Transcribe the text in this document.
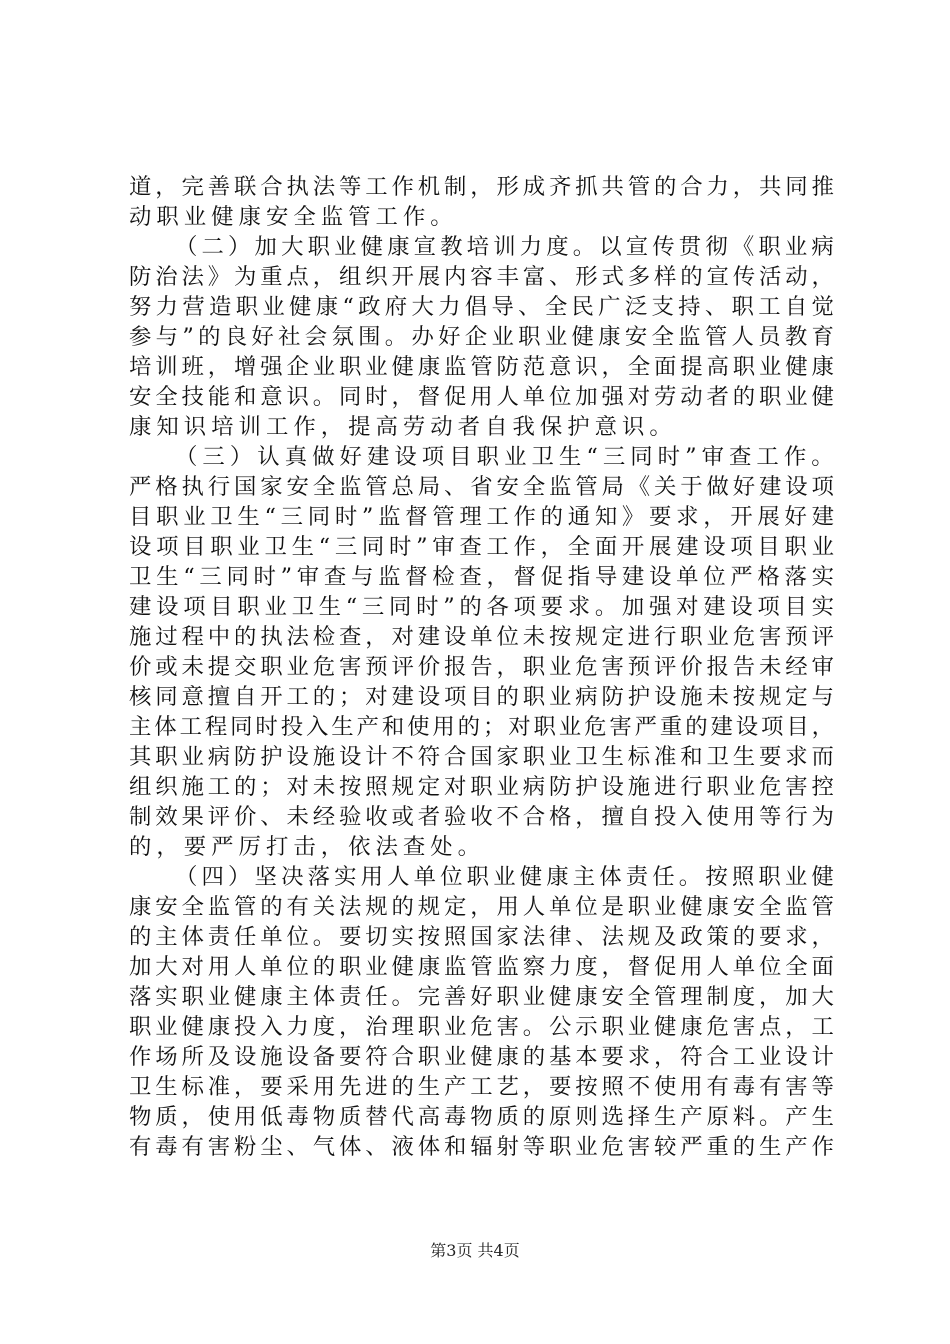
道 ， 完 善 联 合 执 法 等 工 作 机 制 ， 形 成 齐 抓 共 管 的 合 力 ， 共 同 推
动职业健康安全监管工作。
（ 二 ） 加 大 职 业 健 康 宣 教 培 训 力 度 。 以 宣 传 贯 彻 《 职 业 病
防 治 法 》 为 重 点 ， 组 织 开 展 内 容 丰 富 、 形 式 多 样 的 宣 传 活 动 ，
努 力 营 造 职 业 健 康 “ 政 府 大 力 倡 导 、 全 民 广 泛 支 持 、 职 工 自 觉
参 与 ” 的 良 好 社 会 氛 围 。 办 好 企 业 职 业 健 康 安 全 监 管 人 员 教 育
培 训 班 ， 增 强 企 业 职 业 健 康 监 管 防 范 意 识 ， 全 面 提 高 职 业 健 康
安 全 技 能 和 意 识 。 同 时 ， 督 促 用 人 单 位 加 强 对 劳 动 者 的 职 业 健
康知识培训工作，提高劳动者自我保护意识。
（ 三 ） 认 真 做 好 建 设 项 目 职 业 卫 生 “ 三 同 时 ” 审 查 工 作 。
严 格 执 行 国 家 安 全 监 管 总 局 、 省 安 全 监 管 局 《 关 于 做 好 建 设 项
目 职 业 卫 生 “ 三 同 时 ” 监 督 管 理 工 作 的 通 知 》 要 求 ， 开 展 好 建
设 项 目 职 业 卫 生 “ 三 同 时 ” 审 查 工 作 ， 全 面 开 展 建 设 项 目 职 业
卫 生 “ 三 同 时 ” 审 查 与 监 督 检 查 ， 督 促 指 导 建 设 单 位 严 格 落 实
建 设 项 目 职 业 卫 生 “ 三 同 时 ” 的 各 项 要 求 。 加 强 对 建 设 项 目 实
施 过 程 中 的 执 法 检 查 ， 对 建 设 单 位 未 按 规 定 进 行 职 业 危 害 预 评
价 或 未 提 交 职 业 危 害 预 评 价 报 告 ， 职 业 危 害 预 评 价 报 告 未 经 审
核 同 意 擅 自 开 工 的 ； 对 建 设 项 目 的 职 业 病 防 护 设 施 未 按 规 定 与
主 体 工 程 同 时 投 入 生 产 和 使 用 的 ； 对 职 业 危 害 严 重 的 建 设 项 目 ，
其 职 业 病 防 护 设 施 设 计 不 符 合 国 家 职 业 卫 生 标 准 和 卫 生 要 求 而
组 织 施 工 的 ； 对 未 按 照 规 定 对 职 业 病 防 护 设 施 进 行 职 业 危 害 控
制 效 果 评 价 、 未 经 验 收 或 者 验 收 不 合 格 ， 擅 自 投 入 使 用 等 行 为
的，要严厉打击，依法查处。
（ 四 ） 坚 决 落 实 用 人 单 位 职 业 健 康 主 体 责 任 。 按 照 职 业 健
康 安 全 监 管 的 有 关 法 规 的 规 定 ， 用 人 单 位 是 职 业 健 康 安 全 监 管
的 主 体 责 任 单 位 。 要 切 实 按 照 国 家 法 律 、 法 规 及 政 策 的 要 求 ，
加 大 对 用 人 单 位 的 职 业 健 康 监 管 监 察 力 度 ， 督 促 用 人 单 位 全 面
落 实 职 业 健 康 主 体 责 任 。 完 善 好 职 业 健 康 安 全 管 理 制 度 ， 加 大
职 业 健 康 投 入 力 度 ， 治 理 职 业 危 害 。 公 示 职 业 健 康 危 害 点 ， 工
作 场 所 及 设 施 设 备 要 符 合 职 业 健 康 的 基 本 要 求 ， 符 合 工 业 设 计
卫 生 标 准 ， 要 采 用 先 进 的 生 产 工 艺 ， 要 按 照 不 使 用 有 毒 有 害 等
物 质 ， 使 用 低 毒 物 质 替 代 高 毒 物 质 的 原 则 选 择 生 产 原 料 。 产 生
有 毒 有 害 粉 尘 、 气 体 、 液 体 和 辐 射 等 职 业 危 害 较 严 重 的 生 产 作
第3页 共4页
